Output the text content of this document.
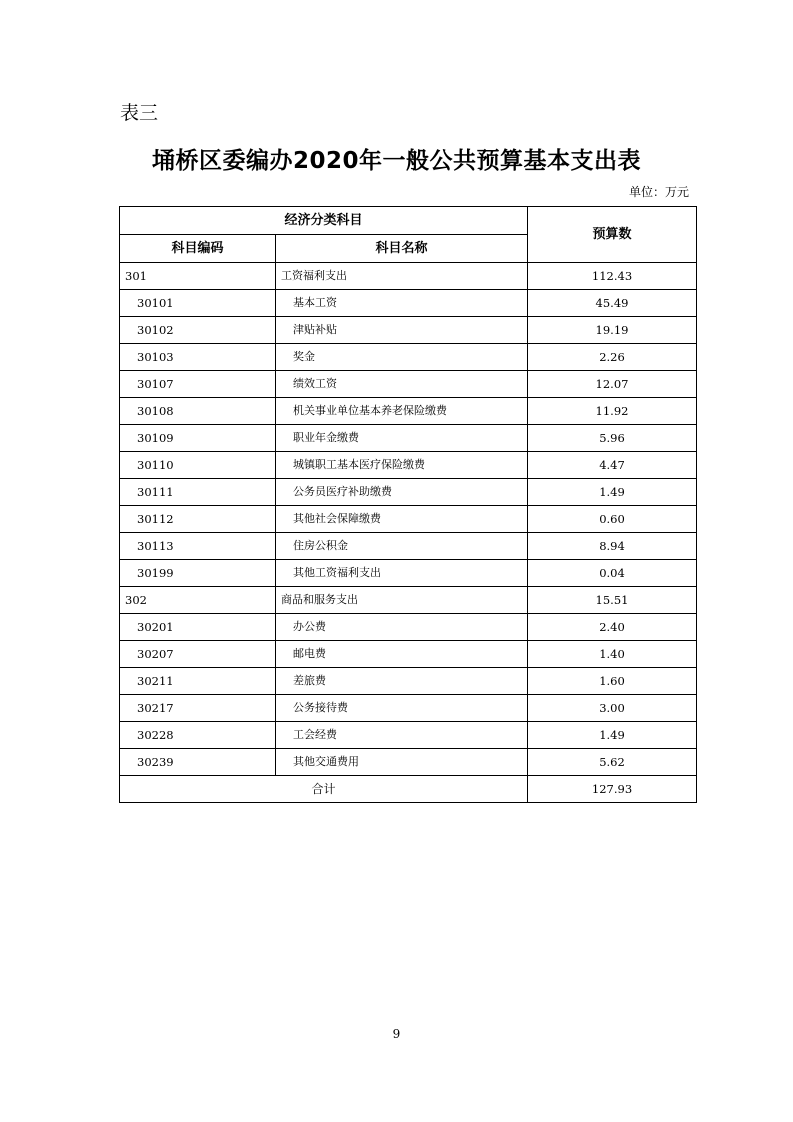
表三
埇桥区委编办2020年一般公共预算基本支出表
单位：万元
经济分类科目		预算数
科目编码	科目名称	
301	工资福利支出	112.43
30101	基本工资	45.49
30102	津贴补贴	19.19
30103	奖金	2.26
30107	绩效工资	12.07
30108	机关事业单位基本养老保险缴费	11.92
30109	职业年金缴费	5.96
30110	城镇职工基本医疗保险缴费	4.47
30111	公务员医疗补助缴费	1.49
30112	其他社会保障缴费	0.60
30113	住房公积金	8.94
30199	其他工资福利支出	0.04
302	商品和服务支出	15.51
30201	办公费	2.40
30207	邮电费	1.40
30211	差旅费	1.60
30217	公务接待费	3.00
30228	工会经费	1.49
30239	其他交通费用	5.62
合计		127.93
9
